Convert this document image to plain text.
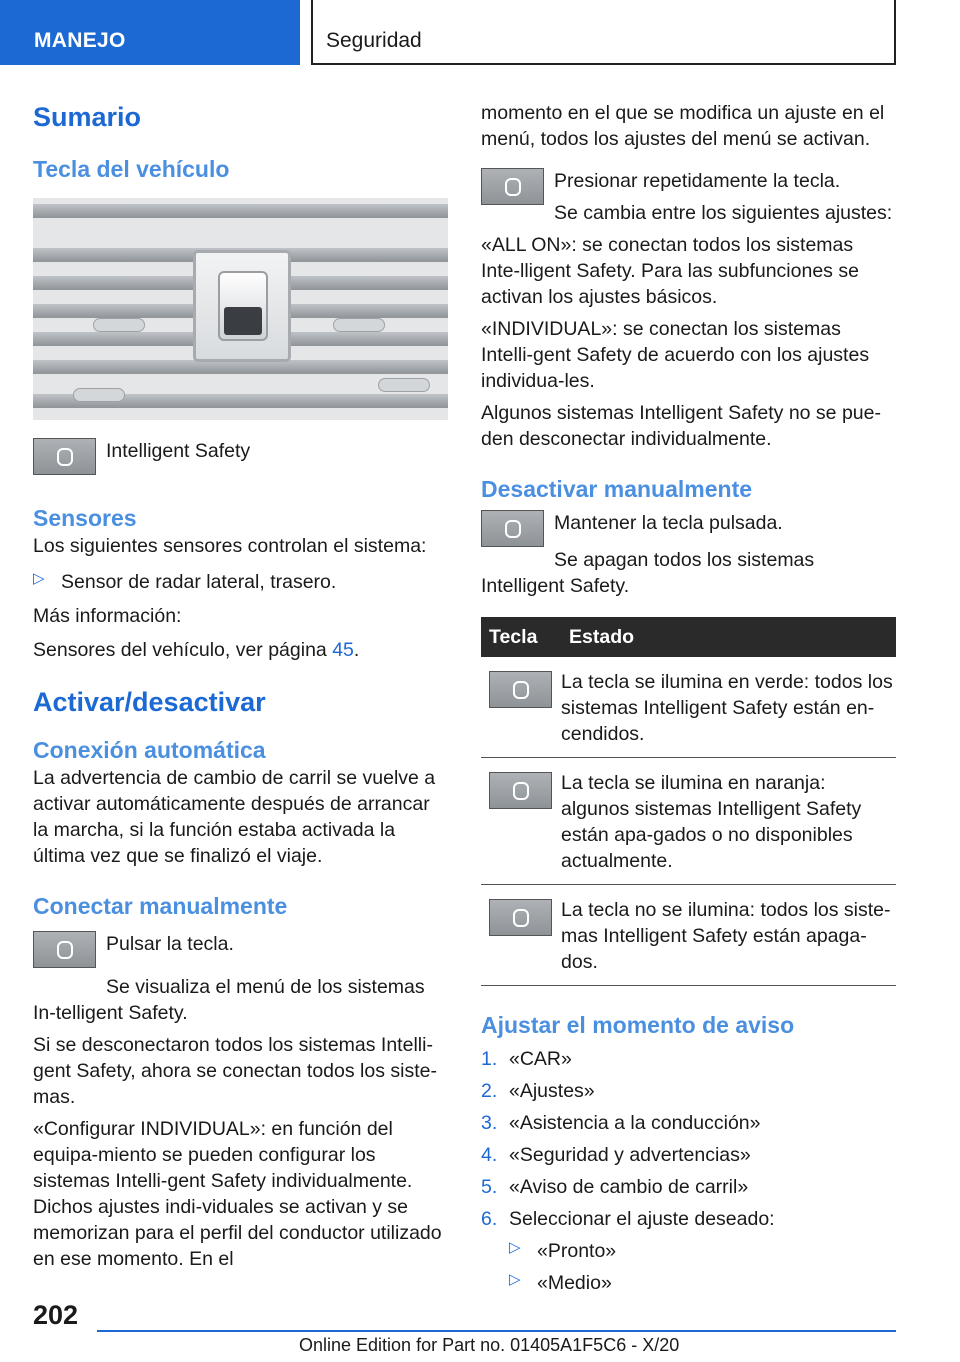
MANEJO	Seguridad
Sumario
Tecla del vehículo

Intelligent Safety

Sensores

Los siguientes sensores controlan el sistema:

▷ Sensor de radar lateral, trasero.

Más información:

Sensores del vehículo, ver página 45.

Activar/desactivar
Conexión automática

La advertencia de cambio de carril se vuelve a activar automáticamente después de arrancar la marcha, si la función estaba activada la última vez que se finalizó el viaje.

Conectar manualmente

Pulsar la tecla.

Se visualiza el menú de los sistemas In-telligent Safety.

Si se desconectaron todos los sistemas Intelli-gent Safety, ahora se conectan todos los siste-mas.

«Configurar INDIVIDUAL»: en función del equipa-miento se pueden configurar los sistemas Intelli-gent Safety individualmente. Dichos ajustes indi-viduales se activan y se memorizan para el perfil del conductor utilizado en ese momento. En el

momento en el que se modifica un ajuste en el menú, todos los ajustes del menú se activan.

Presionar repetidamente la tecla.

Se cambia entre los siguientes ajustes:

«ALL ON»: se conectan todos los sistemas Inte-lligent Safety. Para las subfunciones se activan los ajustes básicos.

«INDIVIDUAL»: se conectan los sistemas Intelli-gent Safety de acuerdo con los ajustes individua-les.

Algunos sistemas Intelligent Safety no se pue-den desconectar individualmente.

Desactivar manualmente

Mantener la tecla pulsada.

Se apagan todos los sistemas Intelligent Safety.

Tecla	Estado
	La tecla se ilumina en verde: todos los sistemas Intelligent Safety están en-cendidos.
	La tecla se ilumina en naranja: algunos sistemas Intelligent Safety están apa-gados o no disponibles actualmente.
	La tecla no se ilumina: todos los siste-mas Intelligent Safety están apaga-dos.
Ajustar el momento de aviso
1. «CAR»
2. «Ajustes»
3. «Asistencia a la conducción»
4. «Seguridad y advertencias»
5. «Aviso de cambio de carril»
6. Seleccionar el ajuste deseado:
▷ «Pronto»

▷ «Medio»

202
Online Edition for Part no. 01405A1F5C6 - X/20
